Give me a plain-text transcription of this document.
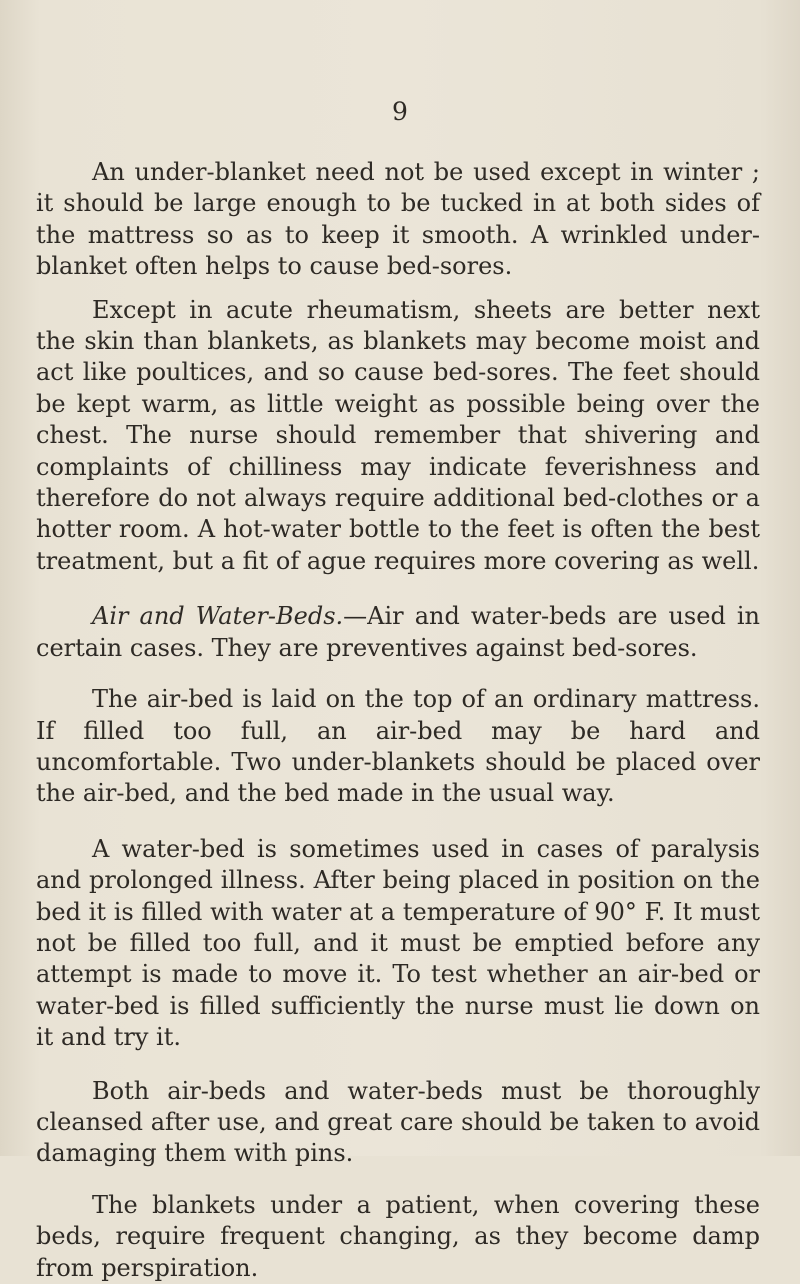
9

An under-blanket need not be used except in winter ; it should be large enough to be tucked in at both sides of the mattress so as to keep it smooth. A wrinkled under-blanket often helps to cause bed-sores.

Except in acute rheumatism, sheets are better next the skin than blankets, as blankets may become moist and act like poultices, and so cause bed-sores. The feet should be kept warm, as little weight as possible being over the chest. The nurse should remember that shivering and complaints of chilliness may indicate feverishness and therefore do not always require additional bed-clothes or a hotter room. A hot-water bottle to the feet is often the best treatment, but a fit of ague requires more covering as well.

Air and Water-Beds.—Air and water-beds are used in certain cases. They are preventives against bed-sores.

The air-bed is laid on the top of an ordinary mattress. If filled too full, an air-bed may be hard and uncomfortable. Two under-blankets should be placed over the air-bed, and the bed made in the usual way.

A water-bed is sometimes used in cases of paralysis and prolonged illness. After being placed in position on the bed it is filled with water at a temperature of 90° F. It must not be filled too full, and it must be emptied before any attempt is made to move it. To test whether an air-bed or water-bed is filled sufficiently the nurse must lie down on it and try it.

Both air-beds and water-beds must be thoroughly cleansed after use, and great care should be taken to avoid damaging them with pins.

The blankets under a patient, when covering these beds, require frequent changing, as they become damp from perspiration.
